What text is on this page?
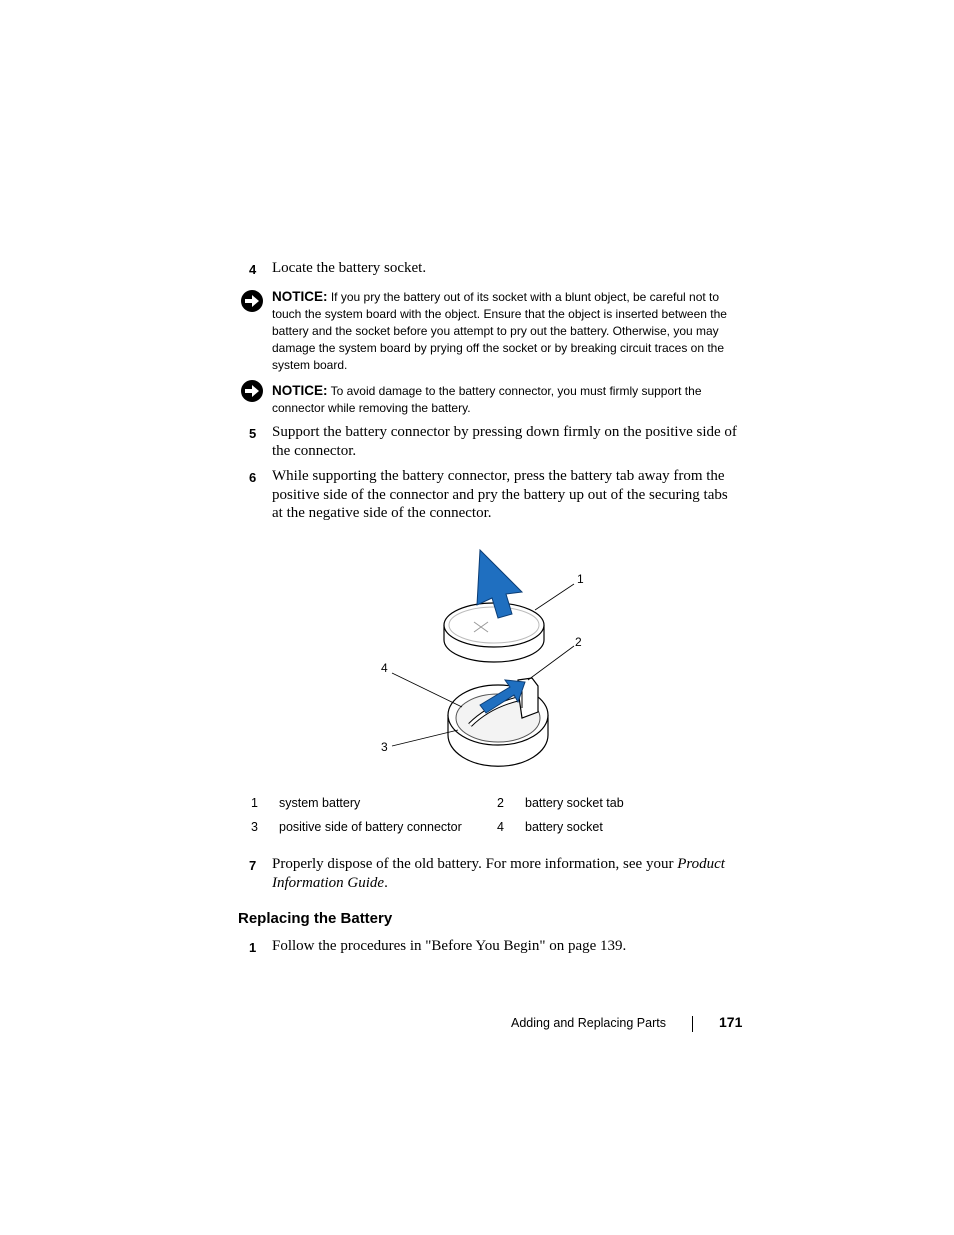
4 Locate the battery socket.
NOTICE: If you pry the battery out of its socket with a blunt object, be careful not to touch the system board with the object. Ensure that the object is inserted between the battery and the socket before you attempt to pry out the battery. Otherwise, you may damage the system board by prying off the socket or by breaking circuit traces on the system board.
NOTICE: To avoid damage to the battery connector, you must firmly support the connector while removing the battery.
5 Support the battery connector by pressing down firmly on the positive side of the connector.
6 While supporting the battery connector, press the battery tab away from the positive side of the connector and pry the battery up out of the securing tabs at the negative side of the connector.
1
2
3
4
1 system battery	2 battery socket tab
3 positive side of battery connector	4 battery socket
7 Properly dispose of the old battery. For more information, see your Product Information Guide.
Replacing the Battery
1 Follow the procedures in "Before You Begin" on page 139.
Adding and Replacing Parts	171
